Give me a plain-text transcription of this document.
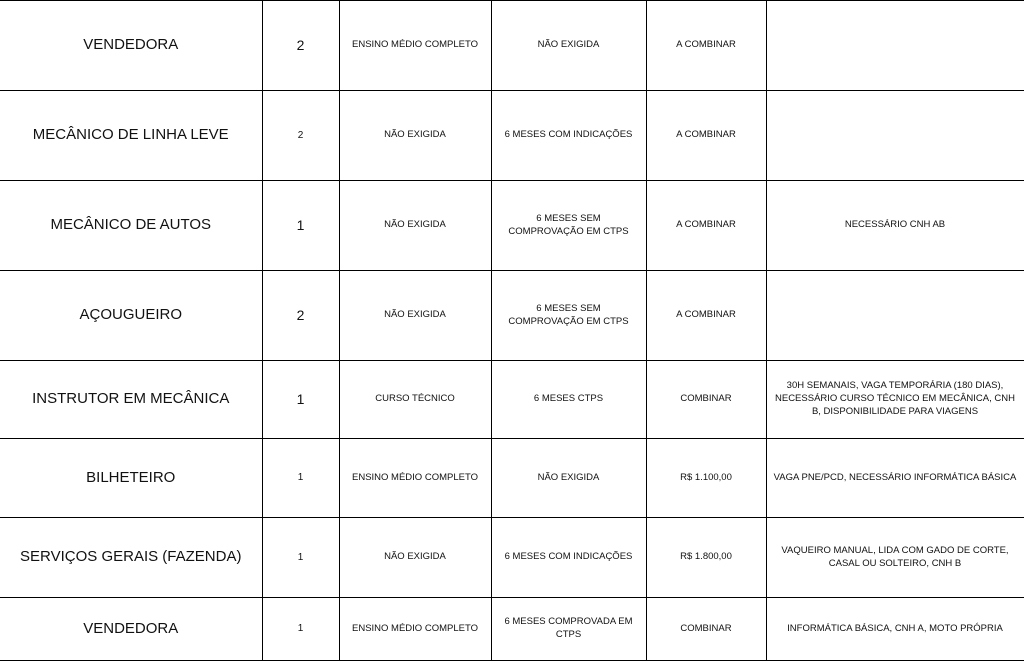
VENDEDORA	2	ENSINO MÉDIO COMPLETO	NÃO EXIGIDA	A COMBINAR	
MECÂNICO DE LINHA LEVE	2	NÃO EXIGIDA	6 MESES COM INDICAÇÕES	A COMBINAR	
MECÂNICO DE AUTOS	1	NÃO EXIGIDA	6 MESES SEM COMPROVAÇÃO EM CTPS	A COMBINAR	NECESSÁRIO CNH AB
AÇOUGUEIRO	2	NÃO EXIGIDA	6 MESES SEM COMPROVAÇÃO EM CTPS	A COMBINAR	
INSTRUTOR EM MECÂNICA	1	CURSO TÉCNICO	6 MESES CTPS	COMBINAR	30H SEMANAIS, VAGA TEMPORÁRIA (180 DIAS), NECESSÁRIO CURSO TÉCNICO EM MECÂNICA, CNH B, DISPONIBILIDADE PARA VIAGENS
BILHETEIRO	1	ENSINO MÉDIO COMPLETO	NÃO EXIGIDA	R$ 1.100,00	VAGA PNE/PCD, NECESSÁRIO INFORMÁTICA BÁSICA
SERVIÇOS GERAIS (FAZENDA)	1	NÃO EXIGIDA	6 MESES COM INDICAÇÕES	R$ 1.800,00	VAQUEIRO MANUAL, LIDA COM GADO DE CORTE, CASAL OU SOLTEIRO, CNH B
VENDEDORA	1	ENSINO MÉDIO COMPLETO	6 MESES COMPROVADA EM CTPS	COMBINAR	INFORMÁTICA BÁSICA, CNH A, MOTO PRÓPRIA
